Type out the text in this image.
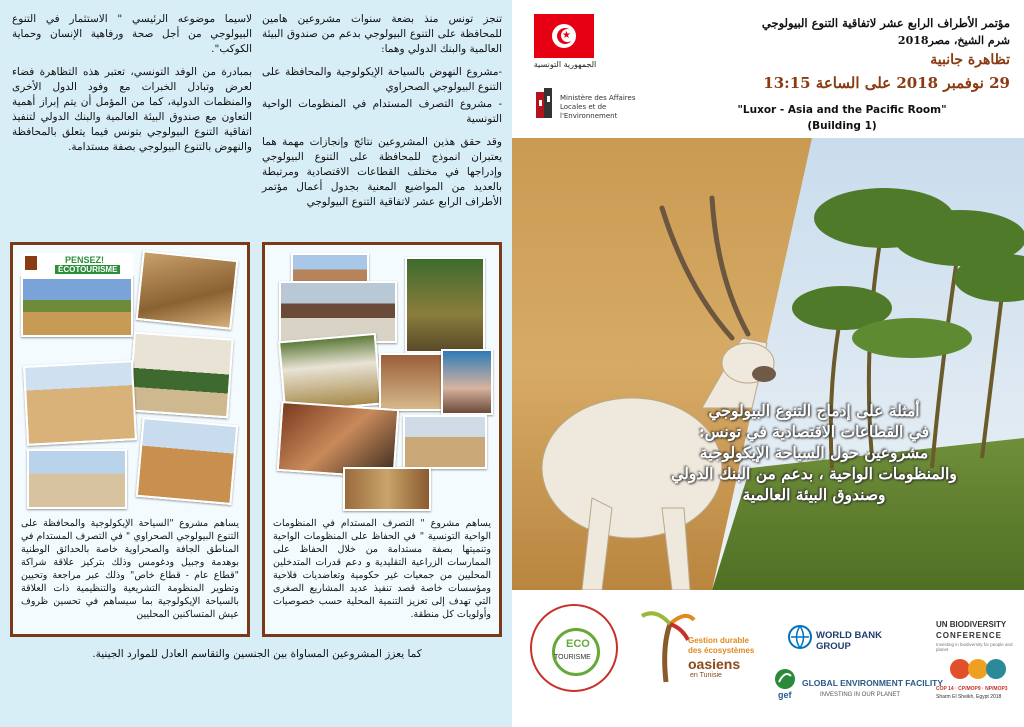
تنجز تونس منذ بضعة سنوات مشروعين هامين للمحافظة على التنوع البيولوجي بدعم من صندوق البيئة العالمية والبنك الدولي وهما:

-مشروع النهوض بالسياحة الإيكولوجية والمحافظة على التنوع البيولوجي الصحراوي

- مشروع التصرف المستدام في المنظومات الواحية التونسية

وقد حقق هذين المشروعين نتائج وإنجازات مهمة هما يعتبران انموذج للمحافظة على التنوع البيولوجي وإدراجها في مختلف القطاعات الاقتصادية ومرتبطة بالعديد من المواضيع المعنية بجدول أعمال مؤتمر الأطراف الرابع عشر لاتفاقية التنوع البيولوجي

لاسيما موضوعه الرئيسي " الاستثمار في التنوع البيولوجي من أجل صحة ورفاهية الإنسان وحماية الكوكب".

بمبادرة من الوفد التونسي، تعتبر هذه التظاهرة فضاء لعرض وتبادل الخبرات مع وفود الدول الأخرى والمنظمات الدولية، كما من المؤمل أن يتم إبراز أهمية التعاون مع صندوق البيئة العالمية والبنك الدولي لتنفيذ اتفاقية التنوع البيولوجي بتونس فيما يتعلق بالمحافظة والنهوض بالتنوع البيولوجي بصفة مستدامة.

PENSEZ!
ÉCOTOURISME
يساهم مشروع "السياحة الإيكولوجية والمحافظة على التنوع البيولوجي الصحراوي " في التصرف المستدام في المناطق الجافة والصحراوية خاصة بالحدائق الوطنية بوهدمة وجبيل ودغومس وذلك بتركيز علاقة شراكة "قطاع عام - قطاع خاص" وذلك عبر مراجعة وتحيين وتطوير المنظومة التشريعية والتنظيمية ذات العلاقة بالسياحة الإيكولوجية بما سيساهم في تحسين ظروف عيش المتساكنين المحليين
يساهم مشروع " التصرف المستدام في المنظومات الواحية التونسية " في الحفاظ على المنظومات الواحية وتنميتها بصفة مستدامة من خلال الحفاظ على الممارسات الزراعية التقليدية و دعم قدرات المتدخلين المحليين من جمعيات غير حكومية وتعاضديات فلاحية ومؤسسات خاصة قصد تنفيذ عديد المشاريع الصغرى التي تهدف إلى تعزيز التنمية المحلية حسب خصوصيات وأولويات كل منطقة.
كما يعزز المشروعين المساواة بين الجنسين والتقاسم العادل للموارد الجينية.
★
الجمهورية التونسية
Ministère des Affaires
Locales et de l'Environnement
مؤتمر الأطراف الرابع عشر لاتفاقية التنوع البيولوجي
شرم الشيخ، مصر2018
تظاهرة جانبية
29 نوفمبر 2018 على الساعة 13:15
"Luxor - Asia and the Pacific Room"
(Building 1)
أمثلة على إدماج التنوع البيولوجي
في القطاعات الاقتصادية في تونس:
مشروعين حول السياحة الإيكولوجية
والمنظومات الواحية ، بدعم من البنك الدولي
وصندوق البيئة العالمية
ECO
TOURISME
Gestion durable
des écosystèmes
oasiens
en Tunisie
WORLD BANK GROUP
gef
GLOBAL ENVIRONMENT FACILITY
INVESTING IN OUR PLANET
UN BIODIVERSITY
CONFERENCE
Investing in biodiversity for people and planet
COP 14 · CP/MOP9 · NP/MOP3
Sharm El Sheikh, Egypt 2018
